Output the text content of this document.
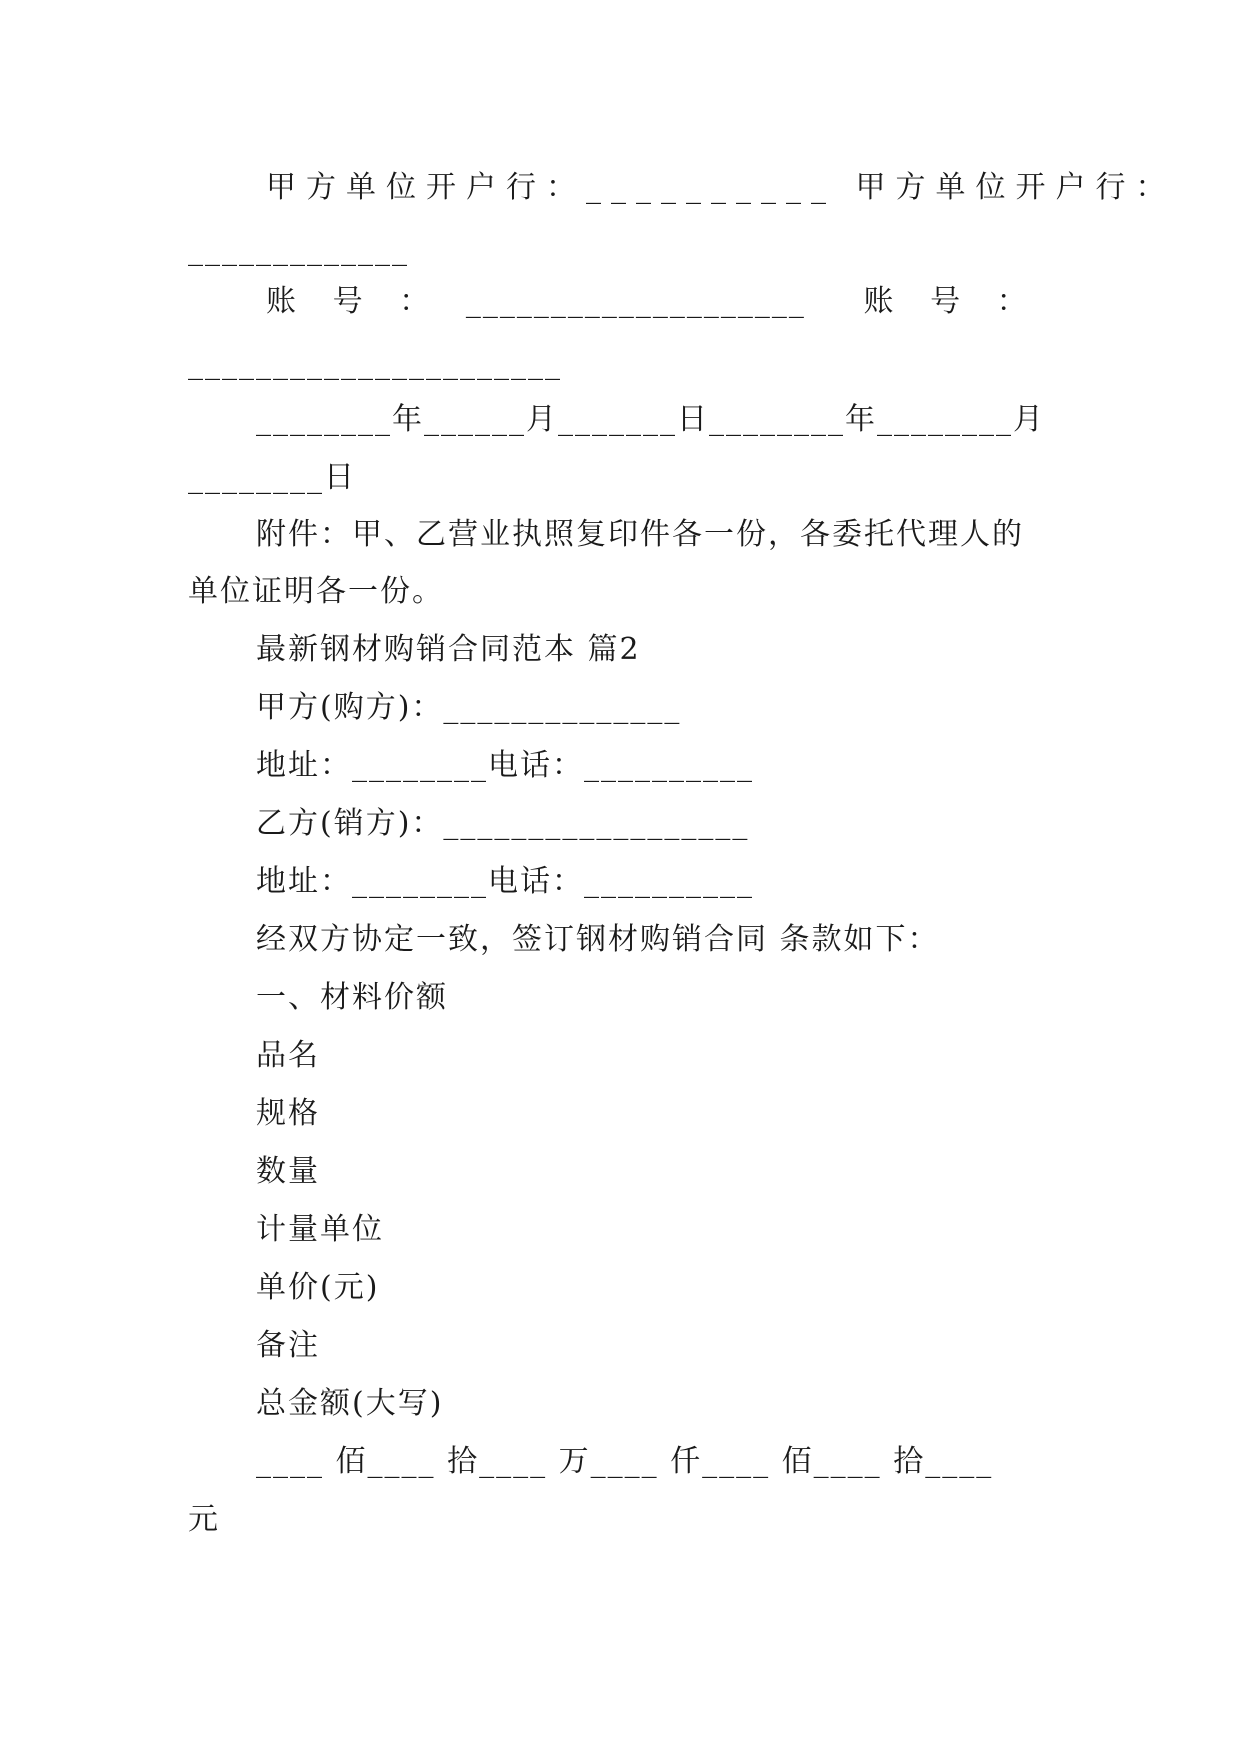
甲方单位开户行：__________ 甲方单位开户行：
_____________
账   号   ：   ____________________     账   号   ：
______________________
________年______月_______日________年________月
________日
附件：甲、乙营业执照复印件各一份，各委托代理人的
单位证明各一份。
最新钢材购销合同范本 篇2
甲方(购方)：______________
地址：________电话：__________
乙方(销方)：__________________
地址：________电话：__________
经双方协定一致，签订钢材购销合同 条款如下：
一、材料价额
品名
规格
数量
计量单位
单价(元)
备注
总金额(大写)
____ 佰____ 拾____ 万____ 仟____ 佰____ 拾____
元
